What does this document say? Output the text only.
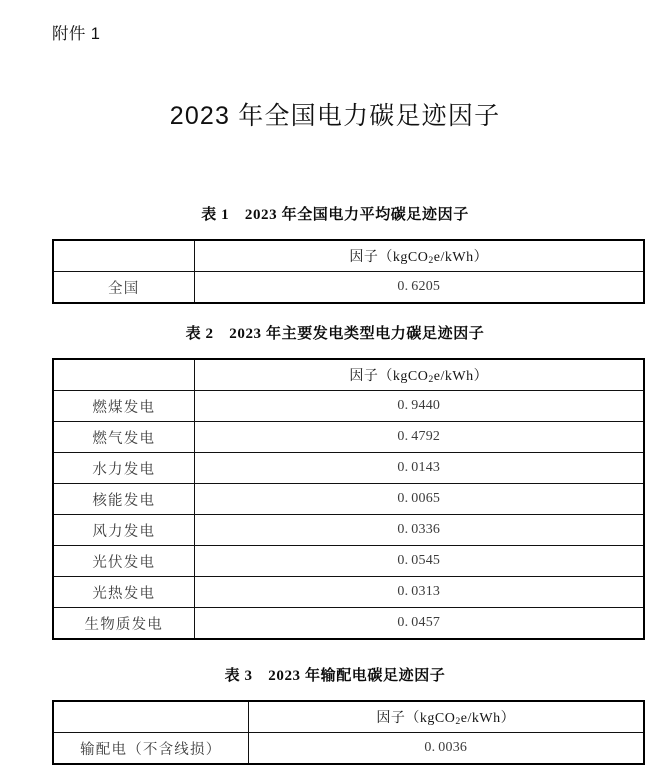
附件 1
2023 年全国电力碳足迹因子
表 1　2023 年全国电力平均碳足迹因子
	因子（kgCO$_2$e/kWh）
全国	0. 6205
表 2　2023 年主要发电类型电力碳足迹因子
	因子（kgCO$_2$e/kWh）
燃煤发电	0. 9440
燃气发电	0. 4792
水力发电	0. 0143
核能发电	0. 0065
风力发电	0. 0336
光伏发电	0. 0545
光热发电	0. 0313
生物质发电	0. 0457
表 3　2023 年输配电碳足迹因子
	因子（kgCO$_2$e/kWh）
输配电（不含线损）	0. 0036
